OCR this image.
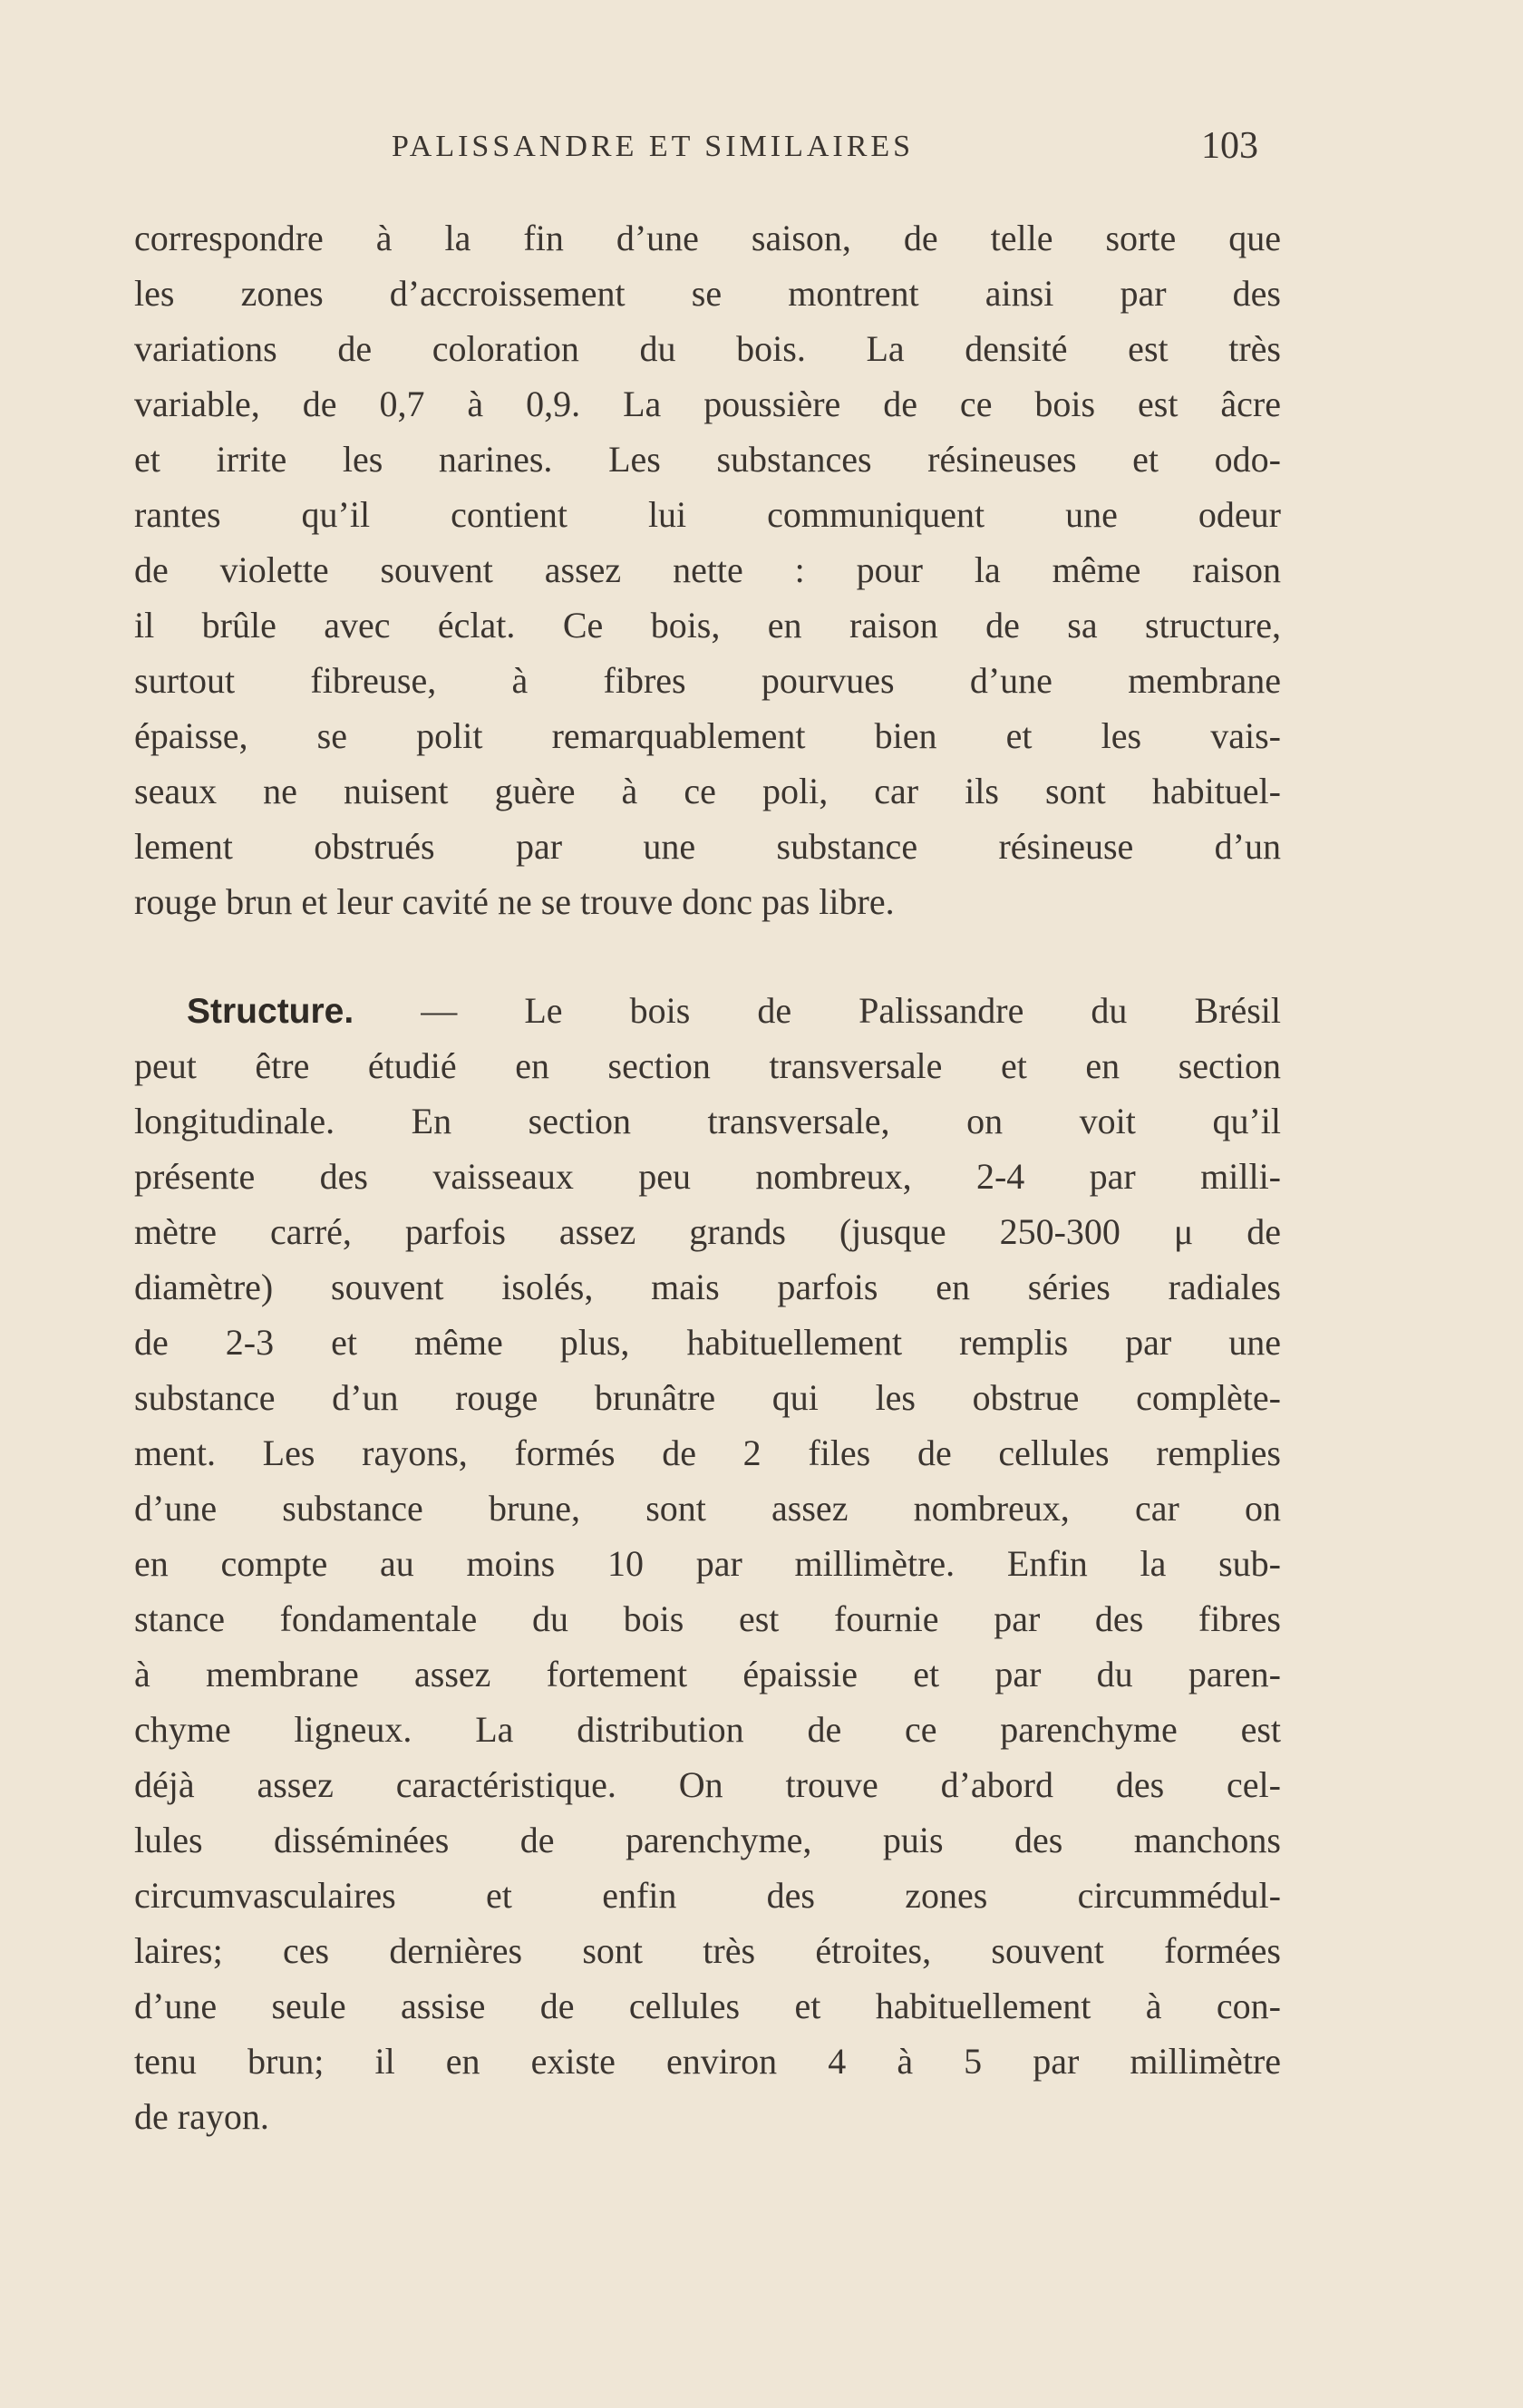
PALISSANDRE ET SIMILAIRES	103
correspondre à la fin d’une saison, de telle sorte que
les zones d’accroissement se montrent ainsi par des
variations de coloration du bois. La densité est très
variable, de 0,7 à 0,9. La poussière de ce bois est âcre
et irrite les narines. Les substances résineuses et odo-
rantes qu’il contient lui communiquent une odeur
de violette souvent assez nette : pour la même raison
il brûle avec éclat. Ce bois, en raison de sa structure,
surtout fibreuse, à fibres pourvues d’une membrane
épaisse, se polit remarquablement bien et les vais-
seaux ne nuisent guère à ce poli, car ils sont habituel-
lement obstrués par une substance résineuse d’un
rouge brun et leur cavité ne se trouve donc pas libre.
Structure. — Le bois de Palissandre du Brésil
peut être étudié en section transversale et en section
longitudinale. En section transversale, on voit qu’il
présente des vaisseaux peu nombreux, 2-4 par milli-
mètre carré, parfois assez grands (jusque 250-300 μ de
diamètre) souvent isolés, mais parfois en séries radiales
de 2-3 et même plus, habituellement remplis par une
substance d’un rouge brunâtre qui les obstrue complète-
ment. Les rayons, formés de 2 files de cellules remplies
d’une substance brune, sont assez nombreux, car on
en compte au moins 10 par millimètre. Enfin la sub-
stance fondamentale du bois est fournie par des fibres
à membrane assez fortement épaissie et par du paren-
chyme ligneux. La distribution de ce parenchyme est
déjà assez caractéristique. On trouve d’abord des cel-
lules disséminées de parenchyme, puis des manchons
circumvasculaires et enfin des zones circummédul-
laires; ces dernières sont très étroites, souvent formées
d’une seule assise de cellules et habituellement à con-
tenu brun; il en existe environ 4 à 5 par millimètre
de rayon.
